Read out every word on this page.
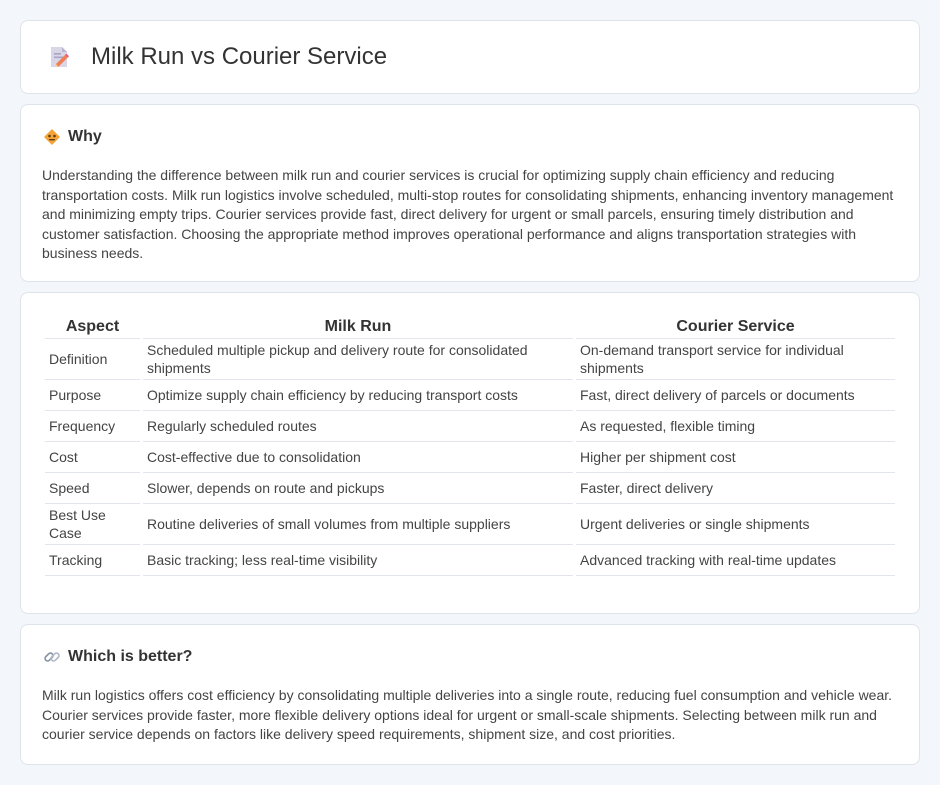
Milk Run vs Courier Service
Why

Understanding the difference between milk run and courier services is crucial for optimizing supply chain efficiency and reducing transportation costs. Milk run logistics involve scheduled, multi-stop routes for consolidating shipments, enhancing inventory management and minimizing empty trips. Courier services provide fast, direct delivery for urgent or small parcels, ensuring timely distribution and customer satisfaction. Choosing the appropriate method improves operational performance and aligns transportation strategies with business needs.

Aspect	Milk Run	Courier Service
Definition	Scheduled multiple pickup and delivery route for consolidated shipments	On-demand transport service for individual shipments
Purpose	Optimize supply chain efficiency by reducing transport costs	Fast, direct delivery of parcels or documents
Frequency	Regularly scheduled routes	As requested, flexible timing
Cost	Cost-effective due to consolidation	Higher per shipment cost
Speed	Slower, depends on route and pickups	Faster, direct delivery
Best Use Case	Routine deliveries of small volumes from multiple suppliers	Urgent deliveries or single shipments
Tracking	Basic tracking; less real-time visibility	Advanced tracking with real-time updates
Which is better?

Milk run logistics offers cost efficiency by consolidating multiple deliveries into a single route, reducing fuel consumption and vehicle wear. Courier services provide faster, more flexible delivery options ideal for urgent or small-scale shipments. Selecting between milk run and courier service depends on factors like delivery speed requirements, shipment size, and cost priorities.
